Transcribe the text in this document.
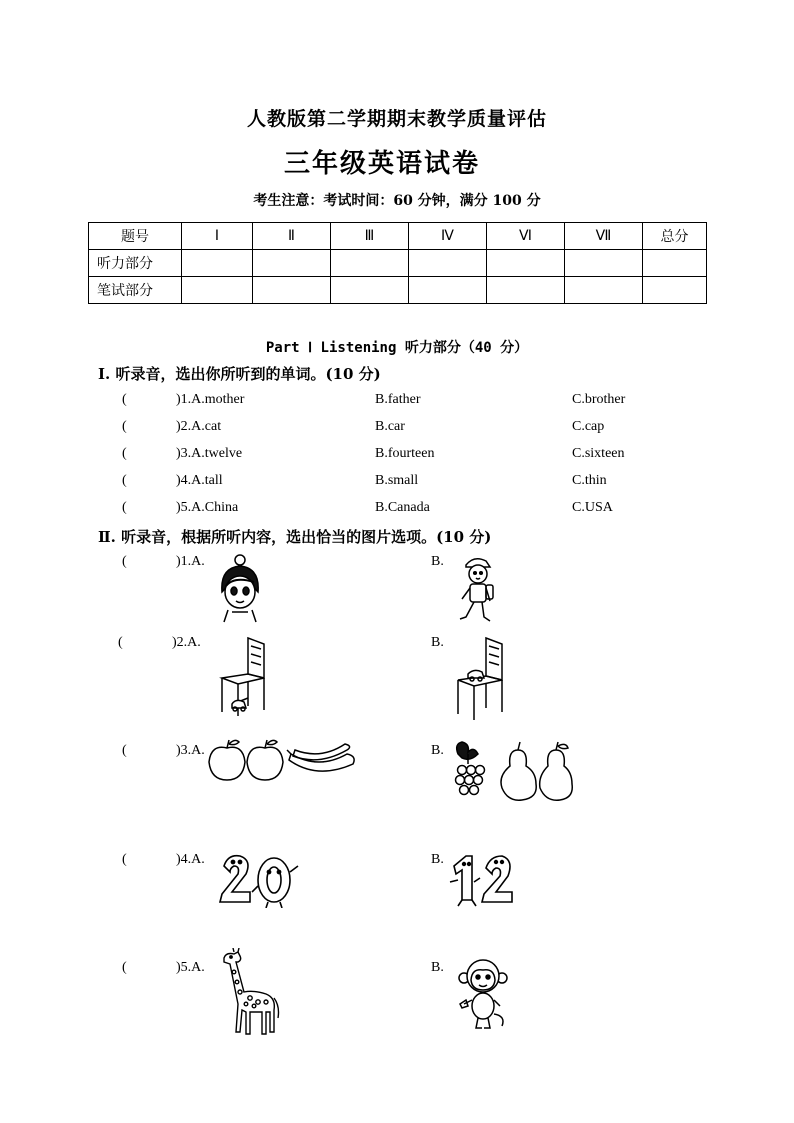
人教版第二学期期末教学质量评估
三年级英语试卷
考生注意：考试时间：60 分钟，满分 100 分
题号	Ⅰ	Ⅱ	Ⅲ	Ⅳ	Ⅵ	Ⅶ	总分
听力部分							
笔试部分							
Part Ⅰ Listening 听力部分（40 分）
Ⅰ. 听录音，选出你所听到的单词。(10 分)
(	)1.A.mother	B.father	C.brother
(	)2.A.cat	B.car	C.cap
(	)3.A.twelve	B.fourteen	C.sixteen
(	)4.A.tall	B.small	C.thin
(	)5.A.China	B.Canada	C.USA
Ⅱ. 听录音，根据所听内容，选出恰当的图片选项。(10 分)
(	)1.A.	B.
(	)2.A.	B.
(	)3.A.	B.
(	)4.A.	B.
(	)5.A.	B.
